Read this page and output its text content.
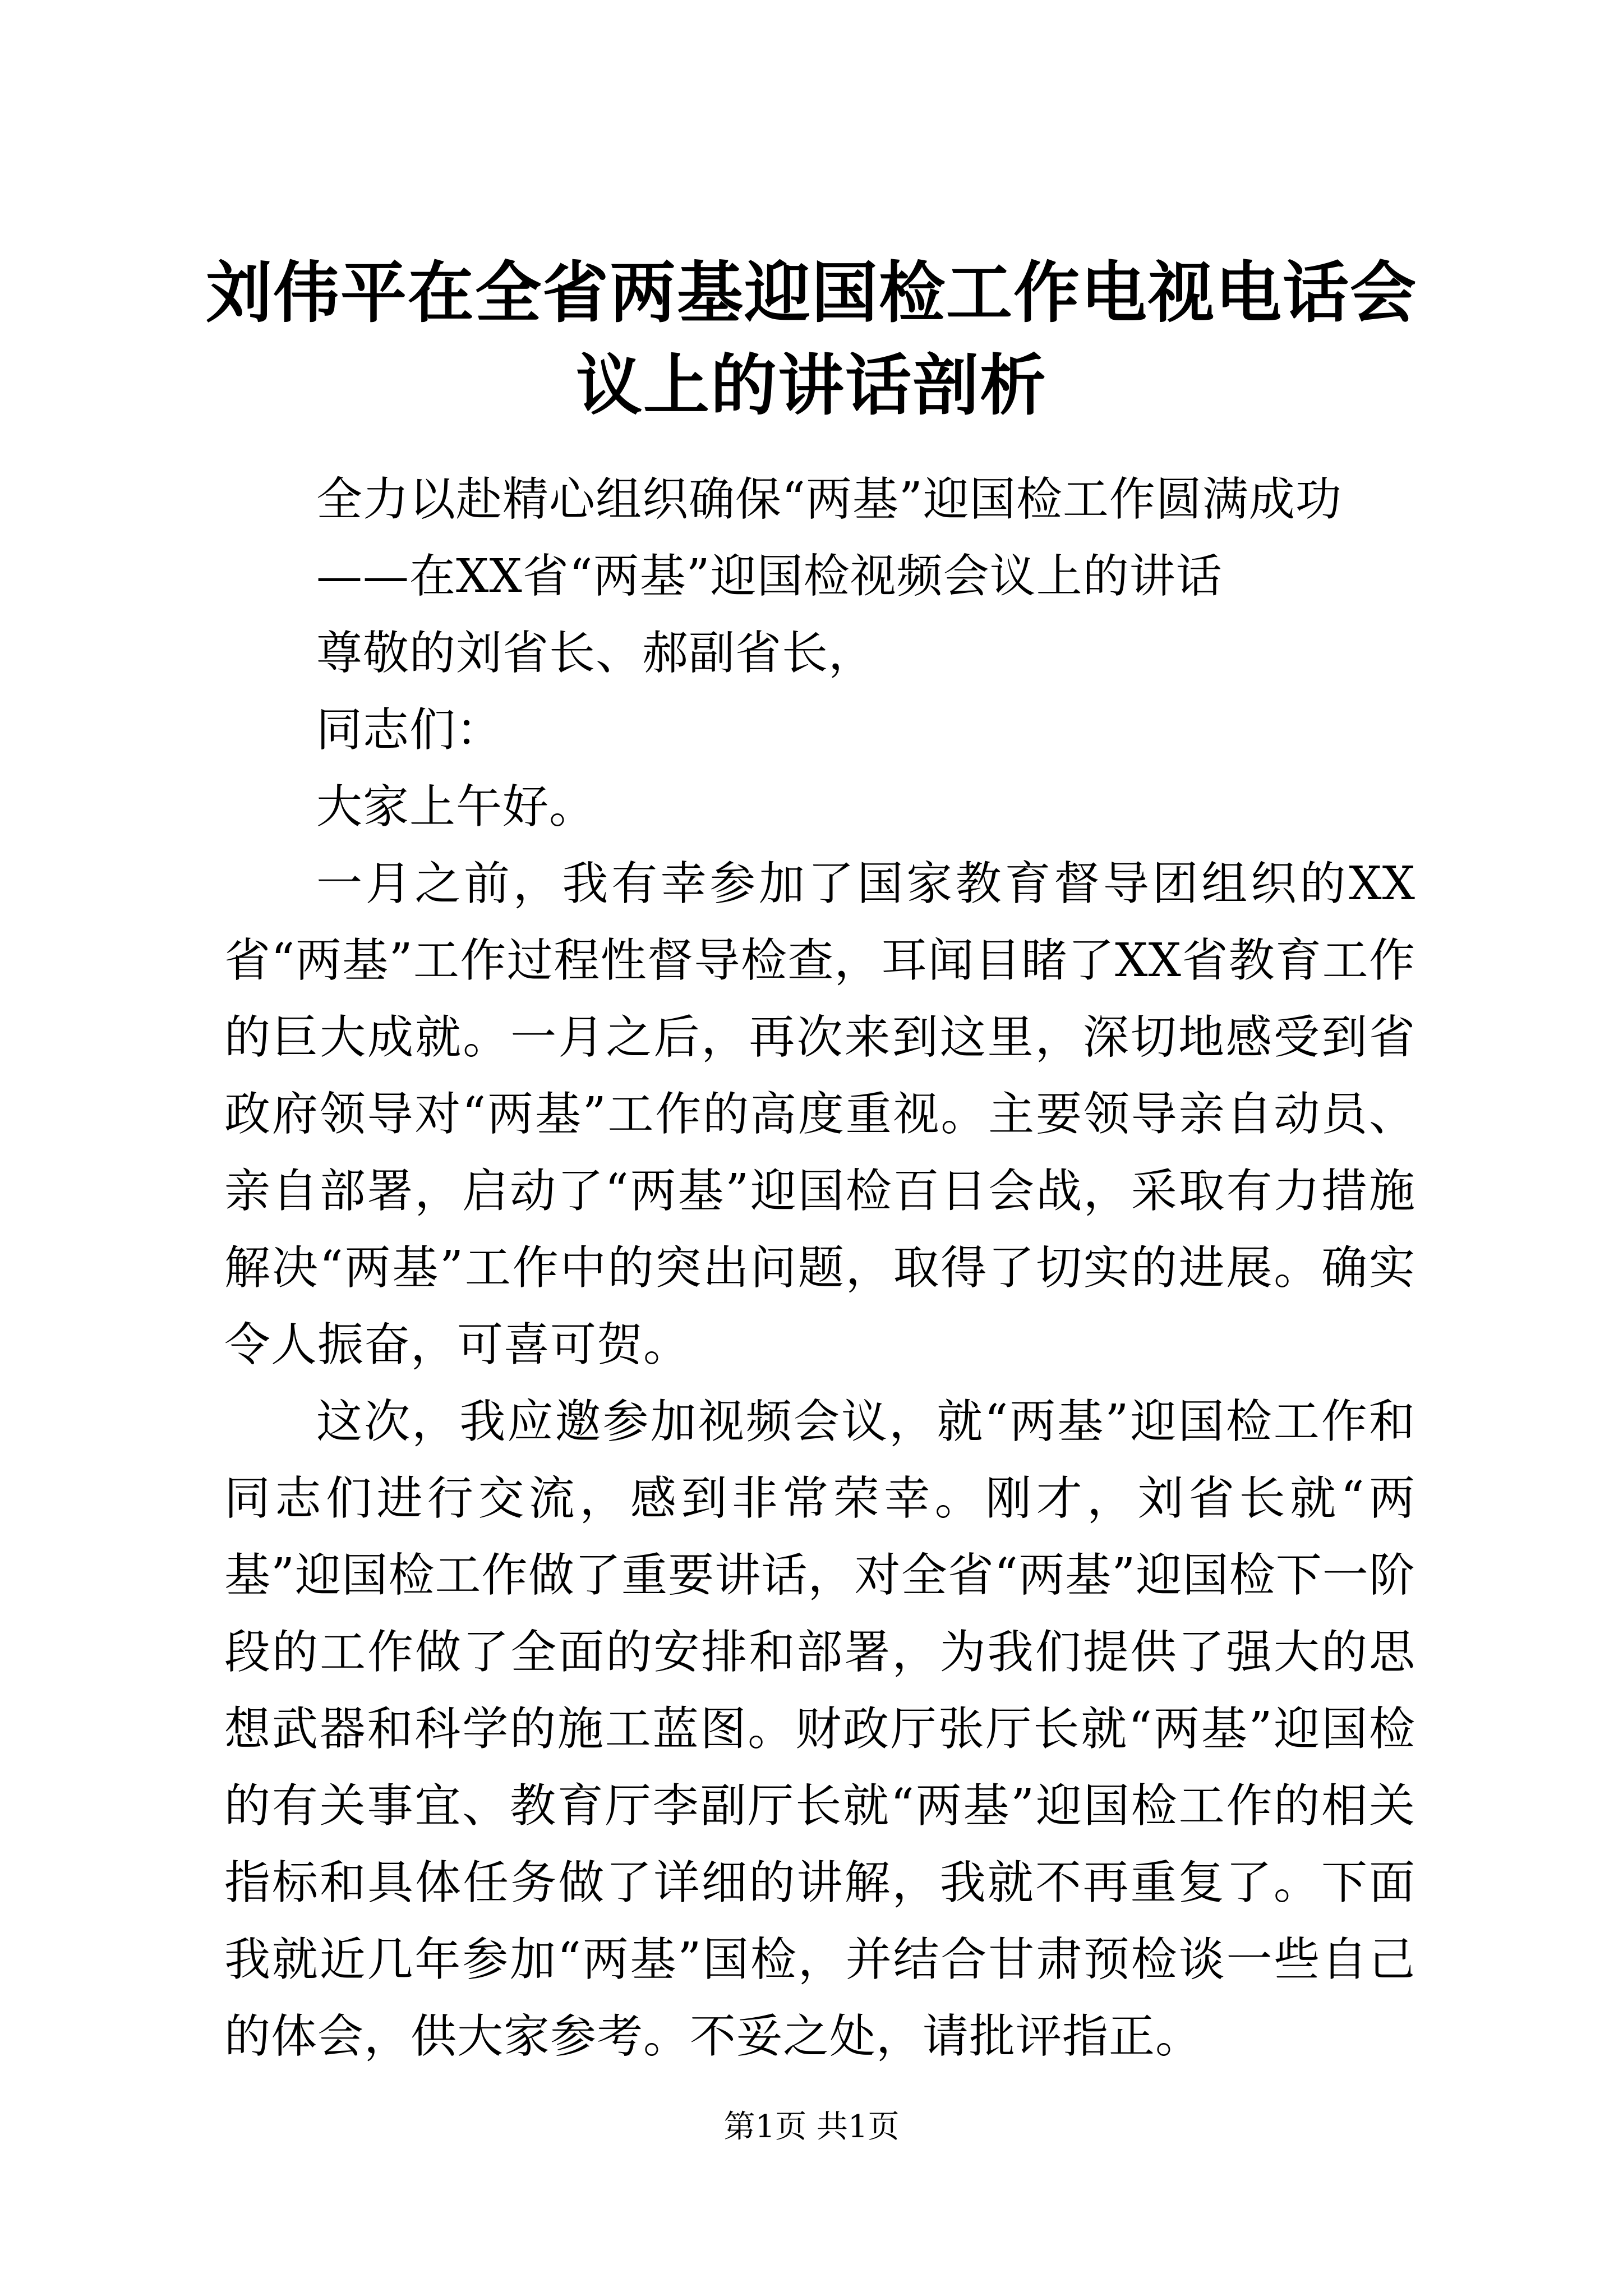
刘伟平在全省两基迎国检工作电视电话会议上的讲话剖析

全力以赴精心组织确保“两基”迎国检工作圆满成功

——在XX省“两基”迎国检视频会议上的讲话

尊敬的刘省长、郝副省长，

同志们：

大家上午好。

一月之前，我有幸参加了国家教育督导团组织的XX省“两基”工作过程性督导检查，耳闻目睹了XX省教育工作的巨大成就。一月之后，再次来到这里，深切地感受到省政府领导对“两基”工作的高度重视。主要领导亲自动员、亲自部署，启动了“两基”迎国检百日会战，采取有力措施解决“两基”工作中的突出问题，取得了切实的进展。确实令人振奋，可喜可贺。

这次，我应邀参加视频会议，就“两基”迎国检工作和同志们进行交流，感到非常荣幸。刚才，刘省长就“两基”迎国检工作做了重要讲话，对全省“两基”迎国检下一阶段的工作做了全面的安排和部署，为我们提供了强大的思想武器和科学的施工蓝图。财政厅张厅长就“两基”迎国检的有关事宜、教育厅李副厅长就“两基”迎国检工作的相关指标和具体任务做了详细的讲解，我就不再重复了。下面我就近几年参加“两基”国检，并结合甘肃预检谈一些自己的体会，供大家参考。不妥之处，请批评指正。

第1页 共1页
